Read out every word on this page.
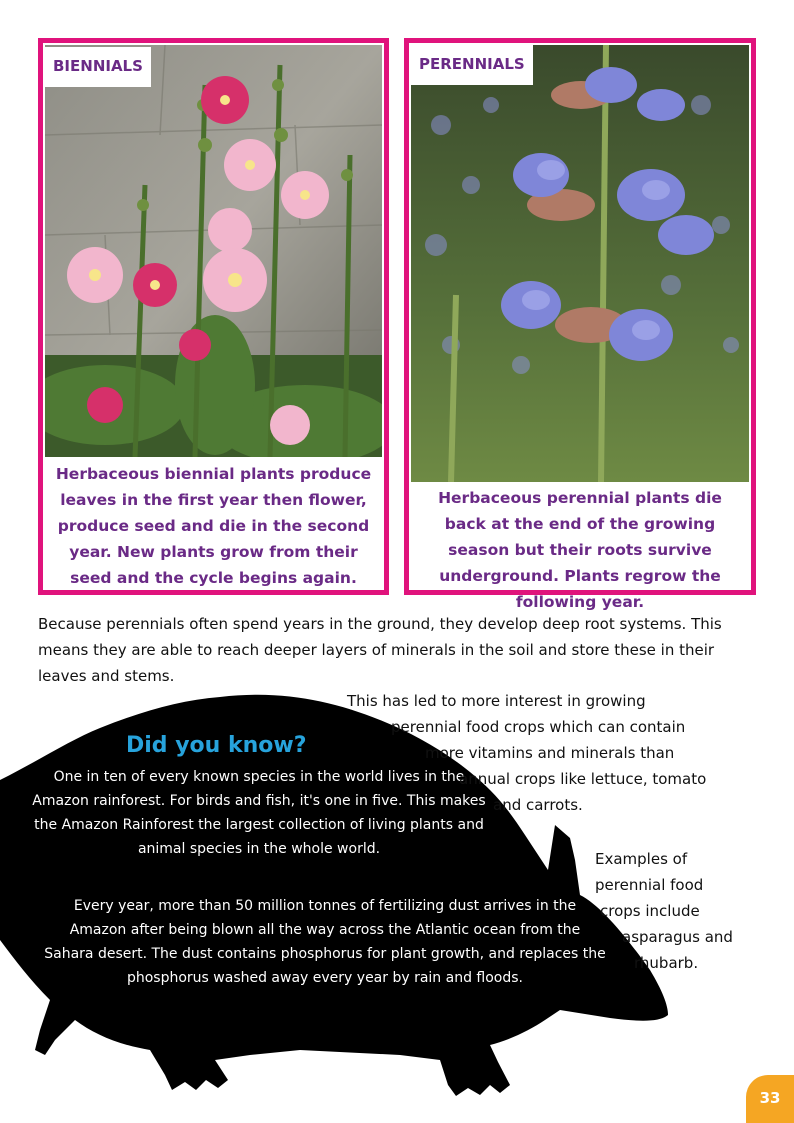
BIENNIALS
Herbaceous biennial plants produce leaves in the first year then flower, produce seed and die in the second year. New plants grow from their seed and the cycle begins again.
PERENNIALS
Herbaceous perennial plants die back at the end of the growing season but their roots survive underground. Plants regrow the following year.
Because perennials often spend years in the ground, they develop deep root systems. This means they are able to reach deeper layers of minerals in the soil and store these in their leaves and stems.
Did you know?
One in ten of every known species in the world lives in the Amazon rainforest. For birds and fish, it's one in five. This makes the Amazon Rainforest the largest collection of living plants and animal species in the whole world.
Every year, more than 50 million tonnes of fertilizing dust arrives in the Amazon after being blown all the way across the Atlantic ocean from the Sahara desert. The dust contains phosphorus for plant growth, and replaces the phosphorus washed away every year by rain and floods.
This has led to more interest in growing
perennial food crops which can contain
more vitamins and minerals than
annual crops like lettuce, tomato
and carrots.
Examples of
perennial food
crops include
asparagus and
rhubarb.
33
